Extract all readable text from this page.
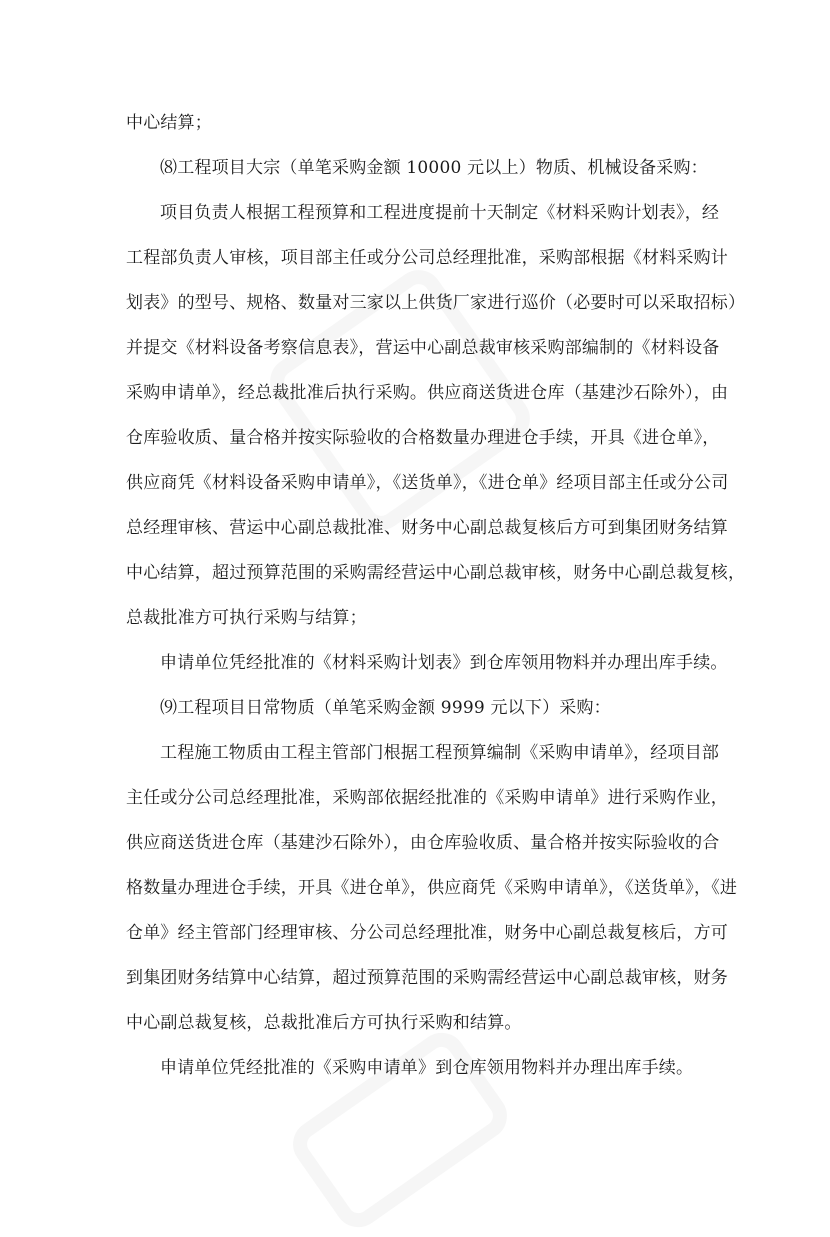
中心结算；
⑻工程项目大宗（单笔采购金额 10000 元以上）物质、机械设备采购：
项目负责人根据工程预算和工程进度提前十天制定《材料采购计划表》，经
工程部负责人审核，项目部主任或分公司总经理批准，采购部根据《材料采购计
划表》的型号、规格、数量对三家以上供货厂家进行巡价（必要时可以采取招标）
并提交《材料设备考察信息表》，营运中心副总裁审核采购部编制的《材料设备
采购申请单》，经总裁批准后执行采购。供应商送货进仓库（基建沙石除外），由
仓库验收质、量合格并按实际验收的合格数量办理进仓手续，开具《进仓单》，
供应商凭《材料设备采购申请单》，《送货单》，《进仓单》经项目部主任或分公司
总经理审核、营运中心副总裁批准、财务中心副总裁复核后方可到集团财务结算
中心结算，超过预算范围的采购需经营运中心副总裁审核，财务中心副总裁复核，
总裁批准方可执行采购与结算；
申请单位凭经批准的《材料采购计划表》到仓库领用物料并办理出库手续。
⑼工程项目日常物质（单笔采购金额 9999 元以下）采购：
工程施工物质由工程主管部门根据工程预算编制《采购申请单》，经项目部
主任或分公司总经理批准，采购部依据经批准的《采购申请单》进行采购作业，
供应商送货进仓库（基建沙石除外），由仓库验收质、量合格并按实际验收的合
格数量办理进仓手续，开具《进仓单》，供应商凭《采购申请单》，《送货单》，《进
仓单》经主管部门经理审核、分公司总经理批准，财务中心副总裁复核后，方可
到集团财务结算中心结算，超过预算范围的采购需经营运中心副总裁审核，财务
中心副总裁复核，总裁批准后方可执行采购和结算。
申请单位凭经批准的《采购申请单》到仓库领用物料并办理出库手续。
